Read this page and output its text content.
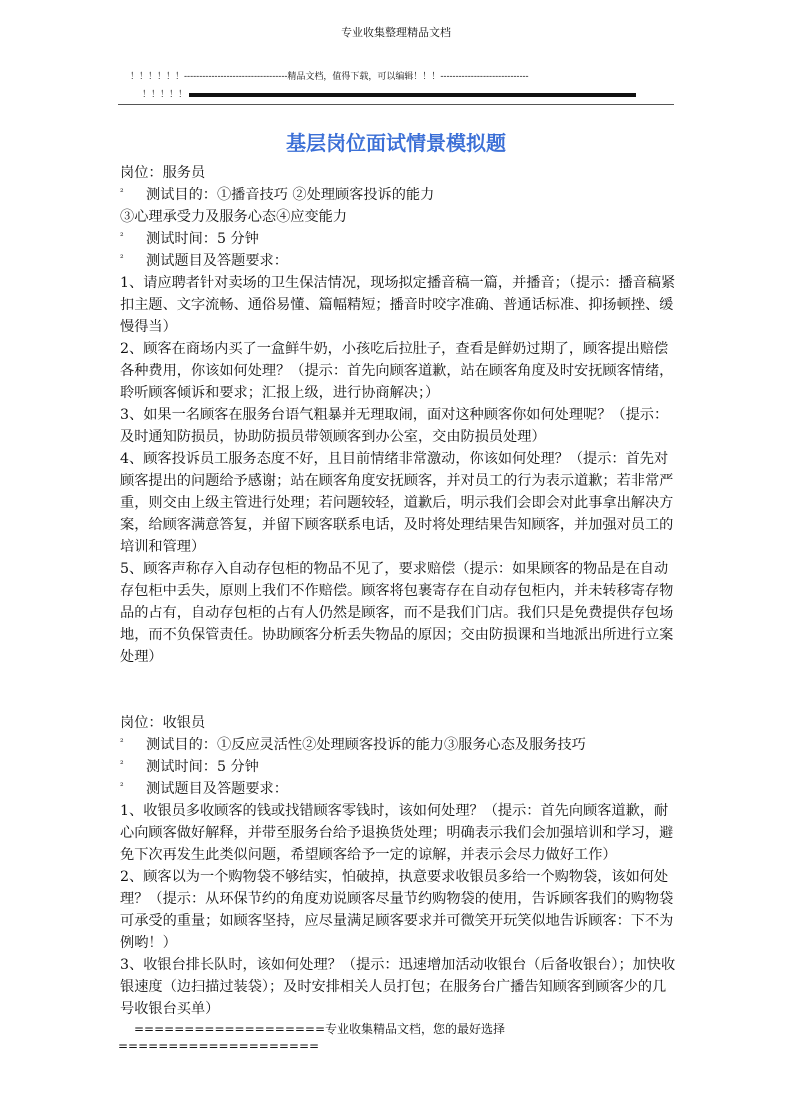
专业收集整理精品文档
！！！！！！----------------------------------精品文档，值得下载，可以编辑！！！-----------------------------
！！！！！
基层岗位面试情景模拟题

岗位：服务员

² 测试目的：①播音技巧 ②处理顾客投诉的能力

③心理承受力及服务心态④应变能力

² 测试时间：5 分钟

² 测试题目及答题要求：

1、请应聘者针对卖场的卫生保洁情况，现场拟定播音稿一篇，并播音；（提示：播音稿紧扣主题、文字流畅、通俗易懂、篇幅精短；播音时咬字准确、普通话标准、抑扬顿挫、缓慢得当）

2、顾客在商场内买了一盒鲜牛奶，小孩吃后拉肚子，查看是鲜奶过期了，顾客提出赔偿各种费用，你该如何处理？（提示：首先向顾客道歉，站在顾客角度及时安抚顾客情绪，聆听顾客倾诉和要求；汇报上级，进行协商解决；）

3、如果一名顾客在服务台语气粗暴并无理取闹，面对这种顾客你如何处理呢？（提示：及时通知防损员，协助防损员带领顾客到办公室，交由防损员处理）

4、顾客投诉员工服务态度不好，且目前情绪非常激动，你该如何处理？（提示：首先对顾客提出的问题给予感谢；站在顾客角度安抚顾客，并对员工的行为表示道歉；若非常严重，则交由上级主管进行处理；若问题较轻，道歉后，明示我们会即会对此事拿出解决方案，给顾客满意答复，并留下顾客联系电话，及时将处理结果告知顾客，并加强对员工的培训和管理）

5、顾客声称存入自动存包柜的物品不见了，要求赔偿（提示：如果顾客的物品是在自动存包柜中丢失，原则上我们不作赔偿。顾客将包裹寄存在自动存包柜内，并未转移寄存物品的占有，自动存包柜的占有人仍然是顾客，而不是我们门店。我们只是免费提供存包场地，而不负保管责任。协助顾客分析丢失物品的原因；交由防损课和当地派出所进行立案处理）

岗位：收银员

² 测试目的：①反应灵活性②处理顾客投诉的能力③服务心态及服务技巧

² 测试时间：5 分钟

² 测试题目及答题要求：

1、收银员多收顾客的钱或找错顾客零钱时，该如何处理？（提示：首先向顾客道歉，耐心向顾客做好解释，并带至服务台给予退换货处理；明确表示我们会加强培训和学习，避免下次再发生此类似问题，希望顾客给予一定的谅解，并表示会尽力做好工作）

2、顾客以为一个购物袋不够结实，怕破掉，执意要求收银员多给一个购物袋，该如何处理？（提示：从环保节约的角度劝说顾客尽量节约购物袋的使用，告诉顾客我们的购物袋可承受的重量；如顾客坚持，应尽量满足顾客要求并可微笑开玩笑似地告诉顾客：下不为例哟！）

3、收银台排长队时，该如何处理？（提示：迅速增加活动收银台（后备收银台）；加快收银速度（边扫描过装袋）；及时安排相关人员打包；在服务台广播告知顾客到顾客少的几号收银台买单）

===================专业收集精品文档，您的最好选择
====================
